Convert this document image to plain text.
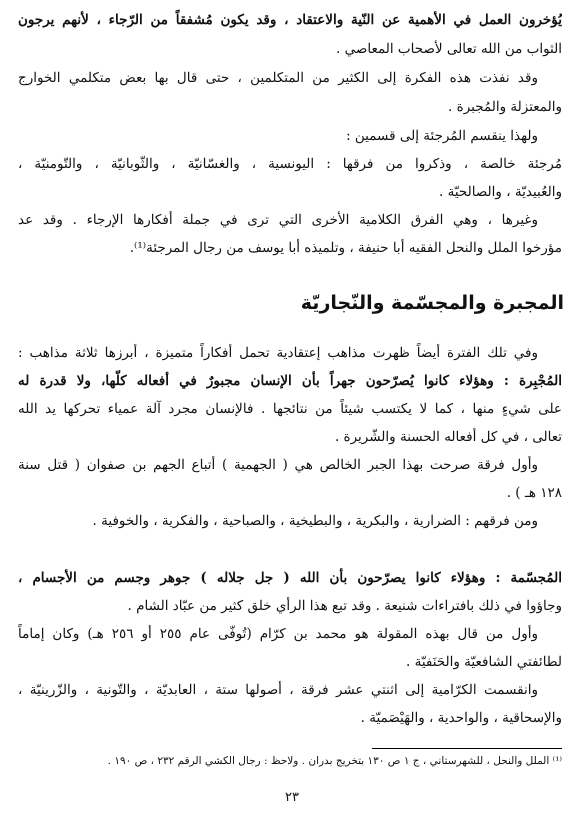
يُؤخرون العمل في الأهمية عن النّية والاعتقاد ، وقد يكون مُشفقاً من الرّجاء ، لأنهم يرجون
الثواب من الله تعالى لأصحاب المعاصي .
وقد نفذت هذه الفكرة إلى الكثير من المتكلمين ، حتى قال بها بعض متكلمي الخوارج
والمعتزلة والمُجبرة .
ولهذا ينقسم المُرجئة إلى قسمين :
مُرجئة خالصة ، وذكروا من فرقها : اليونسية ، والغسّانيّة ، والثّوبانيّة ، والتّومنيّة ،
والعُبيديّة ، والصالحيّة .
وغيرها ، وهي الفرق الكلامية الأخرى التي ترى في جملة أفكارها الإرجاء . وقد عد
مؤرخوا الملل والنحل الفقيه أبا حنيفة ، وتلميذه أبا يوسف من رجال المرجئة⁽¹⁾.
المجبرة والمجسّمة والنّجاريّة
وفي تلك الفترة أيضاً ظهرت مذاهب إعتقادية تحمل أفكاراً متميزة ، أبرزها ثلاثة مذاهب :
المُجْبِرة : وهؤلاء كانوا يُصرّحون جهراً بأن الإنسان مجبورٌ في أفعاله كلّها، ولا قدرة له
على شيءٍ منها ، كما لا يكتسب شيئاً من نتائجها . فالإنسان مجرد آلة عمياء تحركها يد الله
تعالى ، في كل أفعاله الحسنة والشّريرة .
وأول فرقة صرحت بهذا الجبر الخالص هي ( الجهمية ) أتباع الجهم بن صفوان ( قتل سنة
١٢٨ هـ ) .
ومن فرقهم : الضرارية ، والبكرية ، والبطيخية ، والصباحية ، والفكرية ، والخوفية .
المُجسّمة : وهؤلاء كانوا يصرّحون بأن الله ( جل جلاله ) جوهر وجسم من الأجسام ،
وجاؤوا في ذلك بافتراءات شنيعة . وقد تبع هذا الرأي خلق كثير من عبّاد الشام .
وأول من قال بهذه المقولة هو محمد بن كرّام (تُوفّى عام ٢٥٥ أو ٢٥٦ هـ) وكان إماماً
لطائفتي الشافعيّة والحَنَفيّة .
وانقسمت الكرّامية إلى اثنتي عشر فرقة ، أصولها ستة ، العابديّة ، والتّونية ، والزّرينيّة ،
والإسحاقية ، والواحدية ، والهَيْصَميّة .
⁽¹⁾ الملل والنحل ، للشهرستاني ، ج ١ ص ١٣٠ بتخريج بدران . ولاحظ : رجال الكشي الرقم ٢٣٢ ، ص ١٩٠ .
٢٣
